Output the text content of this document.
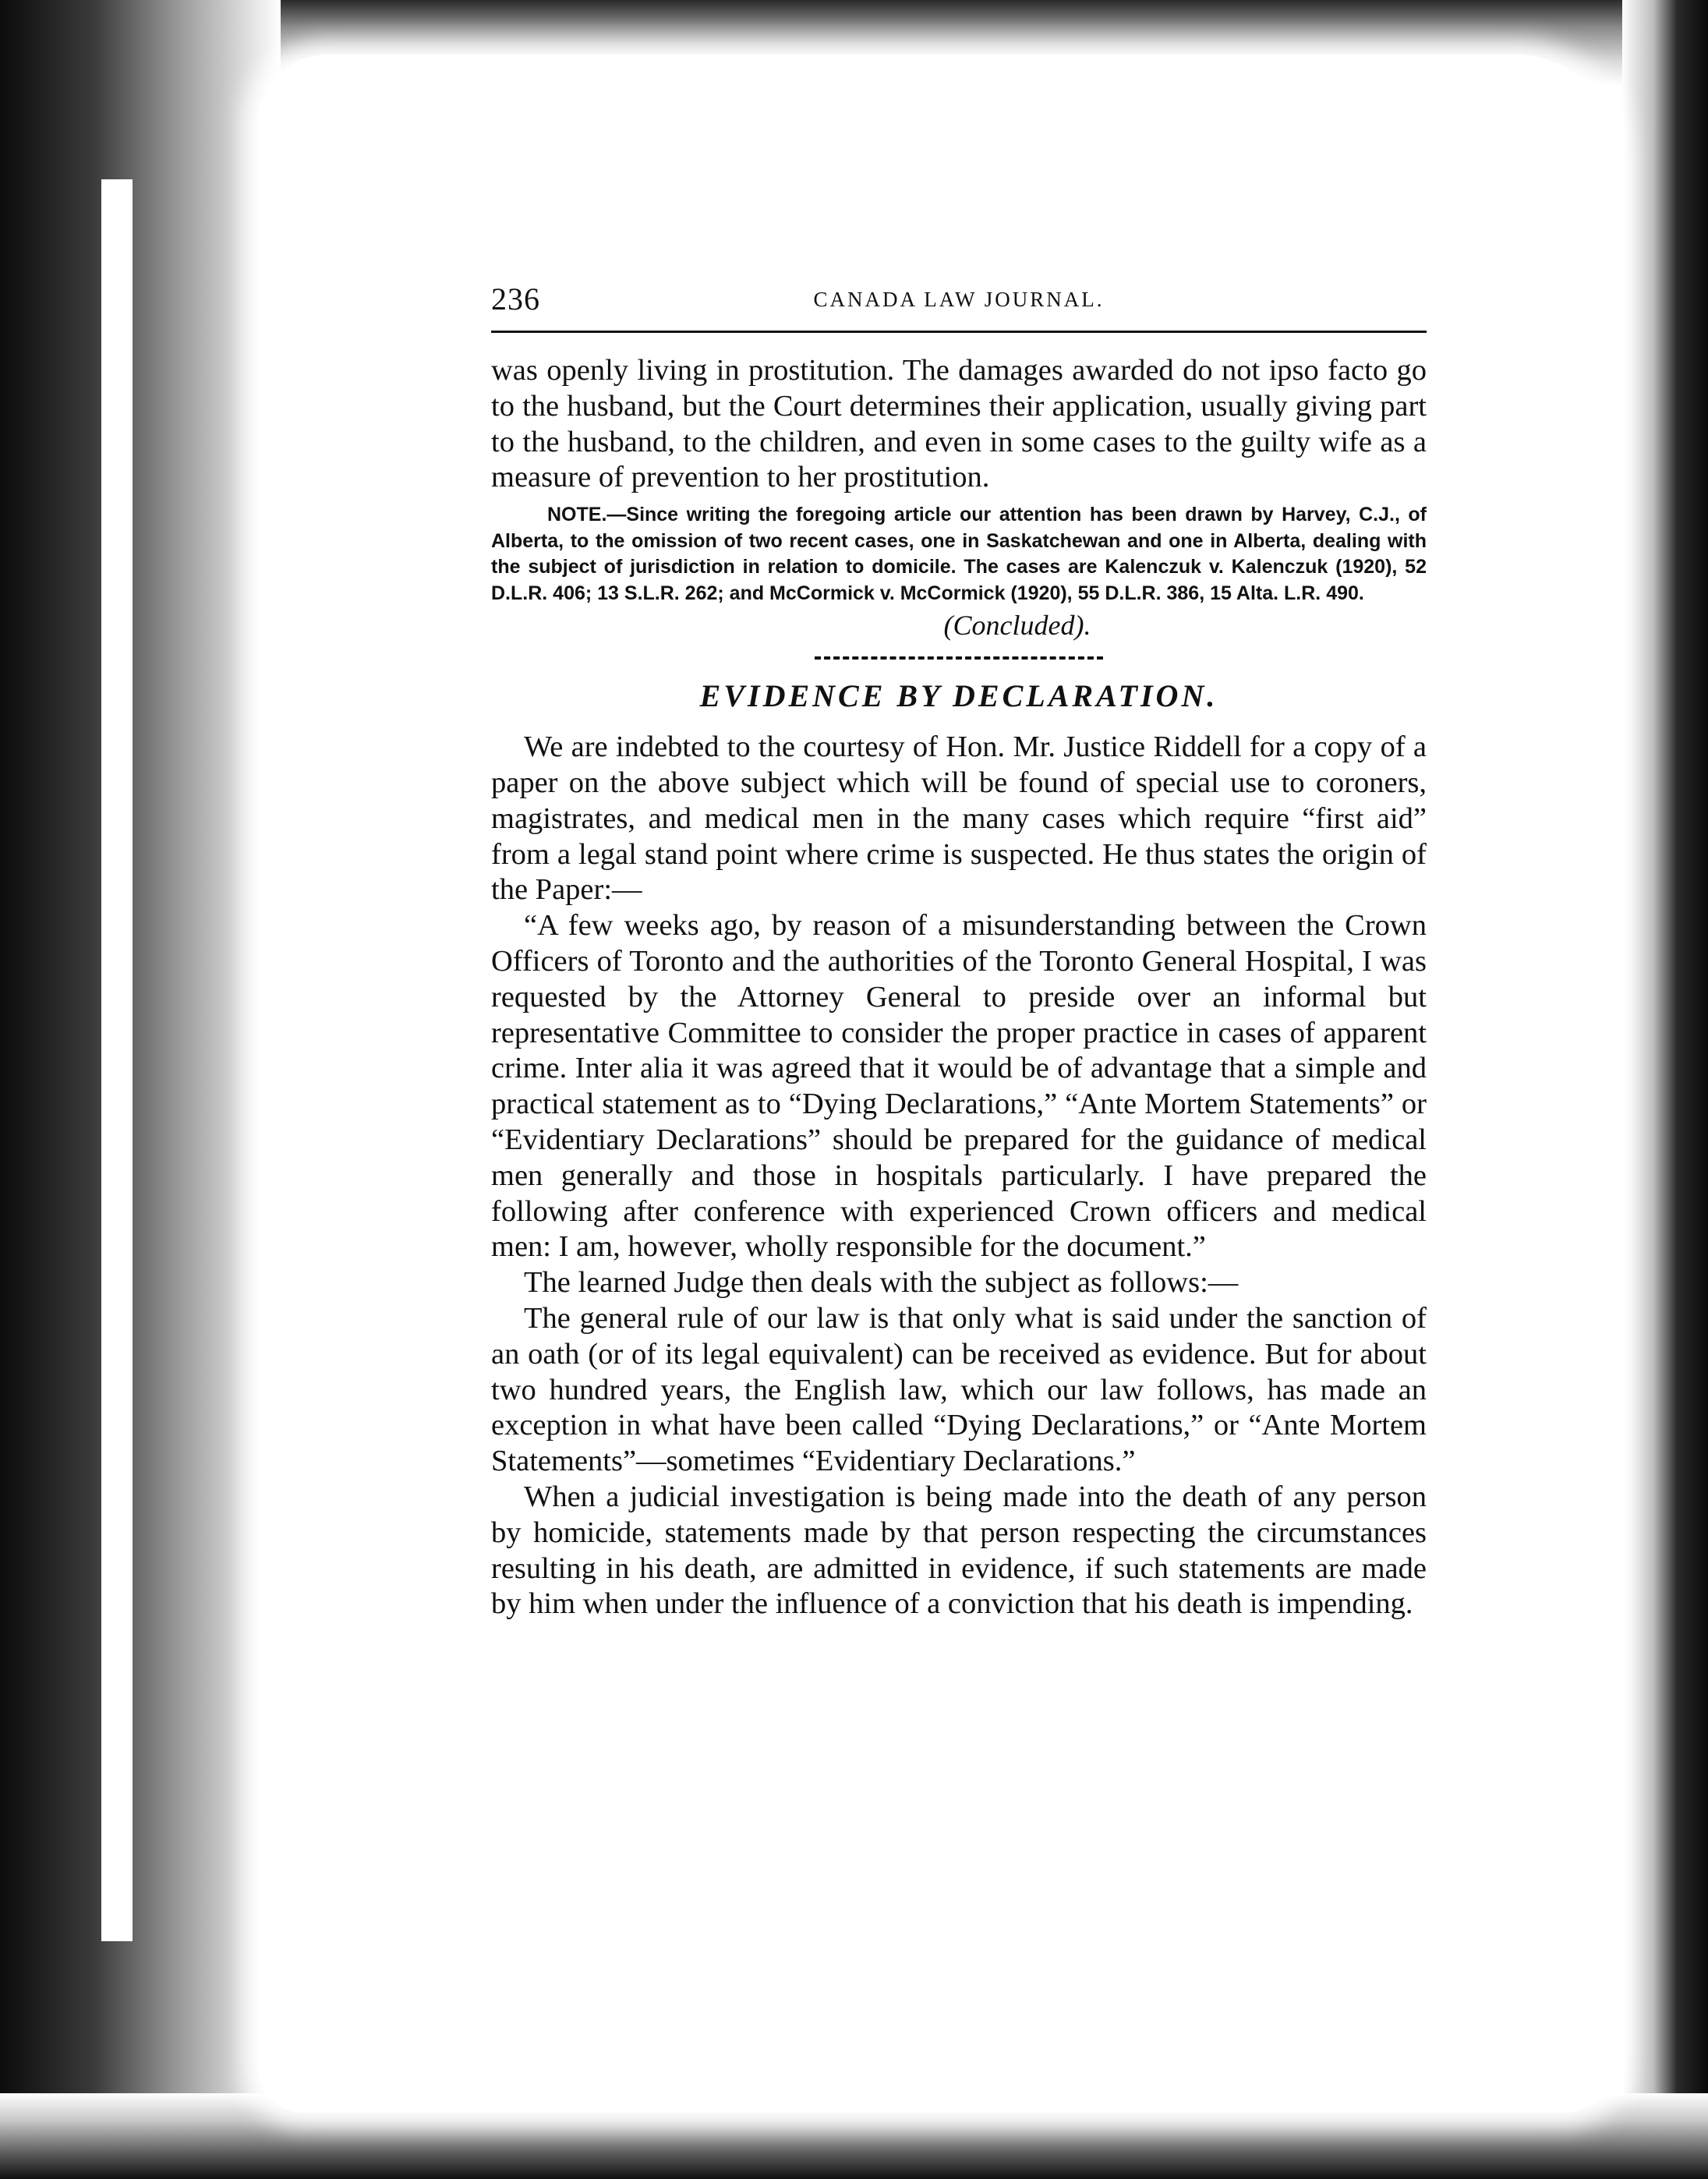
236	CANADA LAW JOURNAL.

was openly living in prostitution. The damages awarded do not ipso facto go to the husband, but the Court determines their application, usually giving part to the husband, to the children, and even in some cases to the guilty wife as a measure of prevention to her prostitution.

NOTE.—Since writing the foregoing article our attention has been drawn by Harvey, C.J., of Alberta, to the omission of two recent cases, one in Saskatchewan and one in Alberta, dealing with the subject of jurisdiction in relation to domicile. The cases are Kalenczuk v. Kalenczuk (1920), 52 D.L.R. 406; 13 S.L.R. 262; and McCormick v. McCormick (1920), 55 D.L.R. 386, 15 Alta. L.R. 490.

(Concluded).

EVIDENCE BY DECLARATION.

We are indebted to the courtesy of Hon. Mr. Justice Riddell for a copy of a paper on the above subject which will be found of special use to coroners, magistrates, and medical men in the many cases which require “first aid” from a legal stand point where crime is suspected. He thus states the origin of the Paper:—

“A few weeks ago, by reason of a misunderstanding between the Crown Officers of Toronto and the authorities of the Toronto General Hospital, I was requested by the Attorney General to preside over an informal but representative Committee to consider the proper practice in cases of apparent crime. Inter alia it was agreed that it would be of advantage that a simple and practical statement as to “Dying Declarations,” “Ante Mortem Statements” or “Evidentiary Declarations” should be prepared for the guidance of medical men generally and those in hospitals particularly. I have prepared the following after conference with experienced Crown officers and medical men: I am, however, wholly responsible for the document.”

The learned Judge then deals with the subject as follows:—

The general rule of our law is that only what is said under the sanction of an oath (or of its legal equivalent) can be received as evidence. But for about two hundred years, the English law, which our law follows, has made an exception in what have been called “Dying Declarations,” or “Ante Mortem Statements”—sometimes “Evidentiary Declarations.”

When a judicial investigation is being made into the death of any person by homicide, statements made by that person respecting the circumstances resulting in his death, are admitted in evidence, if such statements are made by him when under the influence of a conviction that his death is impending.
